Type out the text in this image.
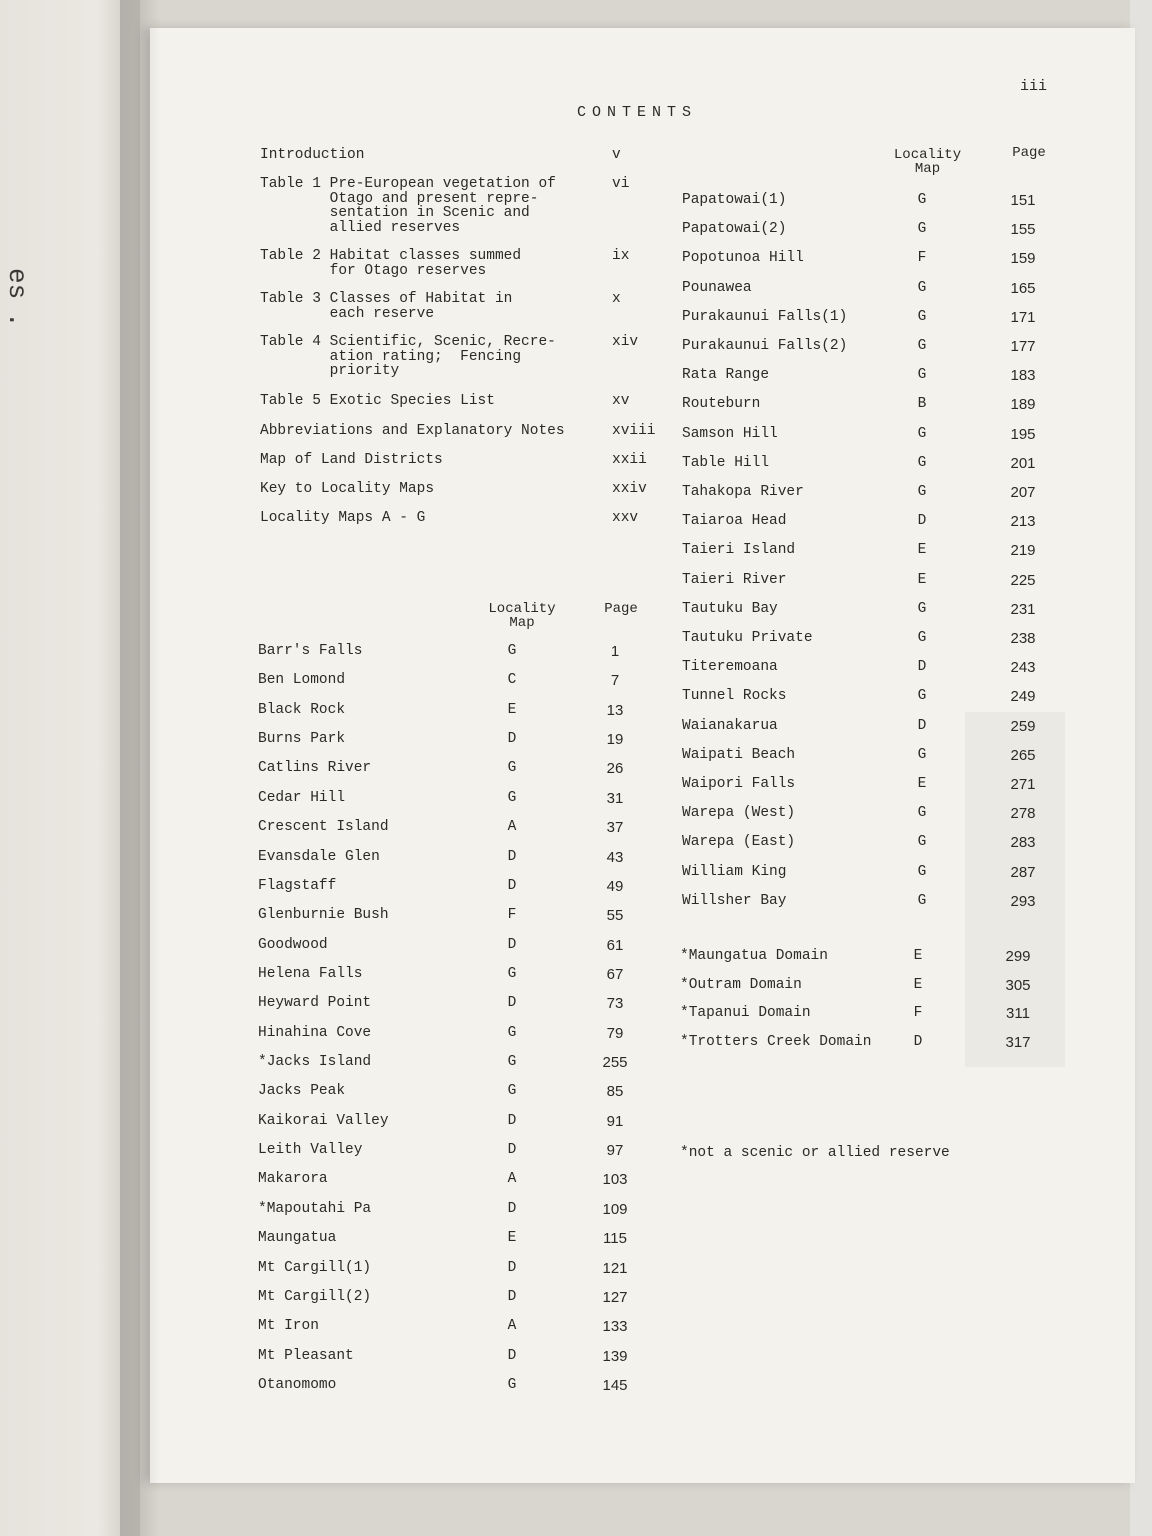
es
.
iii
CONTENTS
Introduction	v
Table 1 Pre-European vegetation of
Otago and present repre-
sentation in Scenic and
allied reserves
vi
Table 2 Habitat classes summed
for Otago reserves
ix
Table 3 Classes of Habitat in
each reserve
x
Table 4 Scientific, Scenic, Recre-
ation rating;  Fencing
priority
xiv
Table 5 Exotic Species List	xv
Abbreviations and Explanatory Notes	xviii
Map of Land Districts	xxii
Key to Locality Maps	xxiv
Locality Maps A - G	xxv
Locality
Map
Page
Locality
Map
Page
Barr's Falls	G	1
Ben Lomond	C	7
Black Rock	E	13
Burns Park	D	19
Catlins River	G	26
Cedar Hill	G	31
Crescent Island	A	37
Evansdale Glen	D	43
Flagstaff	D	49
Glenburnie Bush	F	55
Goodwood	D	61
Helena Falls	G	67
Heyward Point	D	73
Hinahina Cove	G	79
*Jacks Island	G	255
Jacks Peak	G	85
Kaikorai Valley	D	91
Leith Valley	D	97
Makarora	A	103
*Mapoutahi Pa	D	109
Maungatua	E	115
Mt Cargill(1)	D	121
Mt Cargill(2)	D	127
Mt Iron	A	133
Mt Pleasant	D	139
Otanomomo	G	145
Papatowai(1)	G	151
Papatowai(2)	G	155
Popotunoa Hill	F	159
Pounawea	G	165
Purakaunui Falls(1)	G	171
Purakaunui Falls(2)	G	177
Rata Range	G	183
Routeburn	B	189
Samson Hill	G	195
Table Hill	G	201
Tahakopa River	G	207
Taiaroa Head	D	213
Taieri Island	E	219
Taieri River	E	225
Tautuku Bay	G	231
Tautuku Private	G	238
Titeremoana	D	243
Tunnel Rocks	G	249
Waianakarua	D	259
Waipati Beach	G	265
Waipori Falls	E	271
Warepa (West)	G	278
Warepa (East)	G	283
William King	G	287
Willsher Bay	G	293
*Maungatua Domain	E	299
*Outram Domain	E	305
*Tapanui Domain	F	311
*Trotters Creek Domain	D	317
*not a scenic or allied reserve
